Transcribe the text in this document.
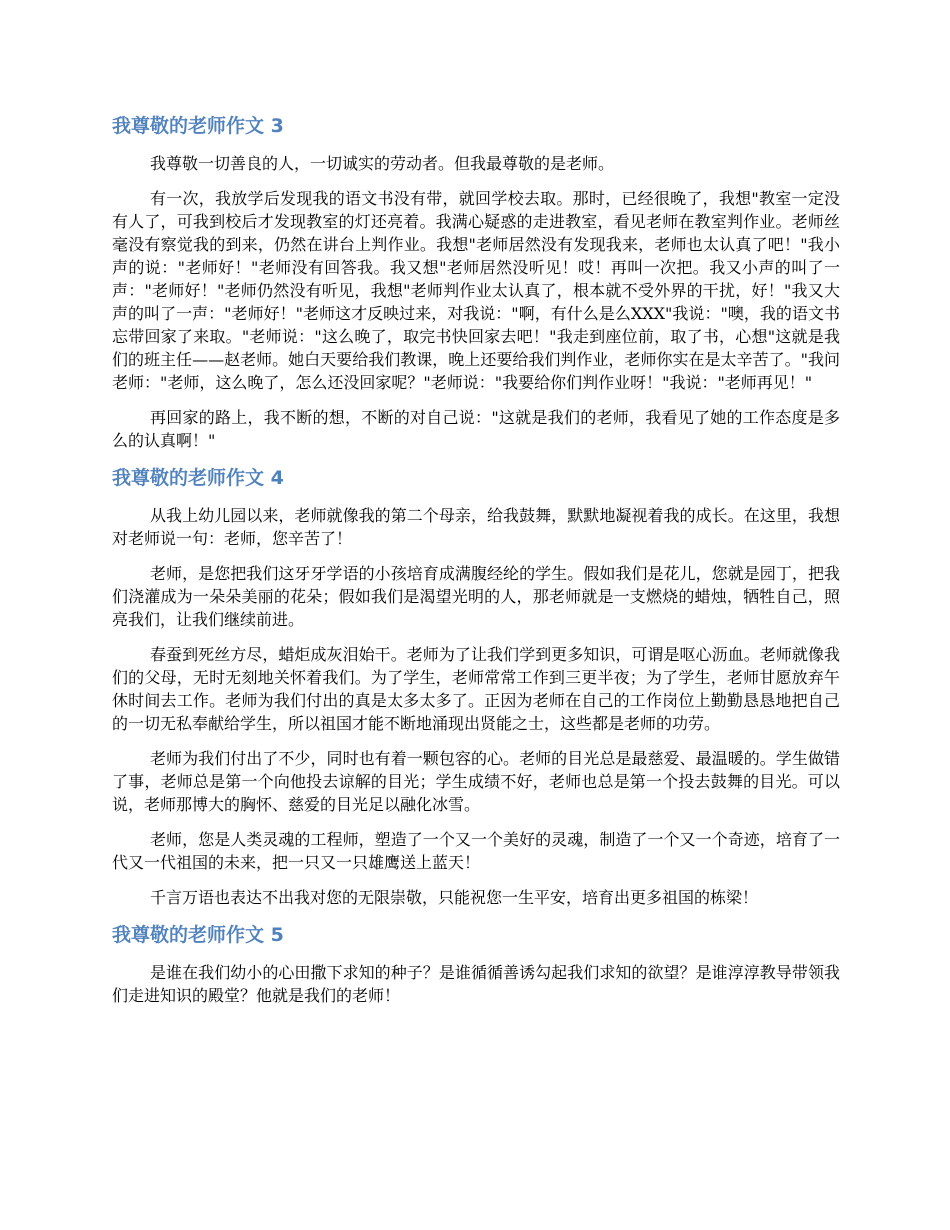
我尊敬的老师作文 3

我尊敬一切善良的人，一切诚实的劳动者。但我最尊敬的是老师。

有一次，我放学后发现我的语文书没有带，就回学校去取。那时，已经很晚了，我想"教室一定没有人了，可我到校后才发现教室的灯还亮着。我满心疑惑的走进教室，看见老师在教室判作业。老师丝毫没有察觉我的到来，仍然在讲台上判作业。我想"老师居然没有发现我来，老师也太认真了吧！"我小声的说："老师好！"老师没有回答我。我又想"老师居然没听见！哎！再叫一次把。我又小声的叫了一声："老师好！"老师仍然没有听见，我想"老师判作业太认真了，根本就不受外界的干扰，好！"我又大声的叫了一声："老师好！"老师这才反映过来，对我说："啊，有什么是么XXX"我说："噢，我的语文书忘带回家了来取。"老师说："这么晚了，取完书快回家去吧！"我走到座位前，取了书，心想"这就是我们的班主任——赵老师。她白天要给我们教课，晚上还要给我们判作业，老师你实在是太辛苦了。"我问老师："老师，这么晚了，怎么还没回家呢？"老师说："我要给你们判作业呀！"我说："老师再见！"

再回家的路上，我不断的想，不断的对自己说："这就是我们的老师，我看见了她的工作态度是多么的认真啊！"

我尊敬的老师作文 4

从我上幼儿园以来，老师就像我的第二个母亲，给我鼓舞，默默地凝视着我的成长。在这里，我想对老师说一句：老师，您辛苦了！

老师，是您把我们这牙牙学语的小孩培育成满腹经纶的学生。假如我们是花儿，您就是园丁，把我们浇灌成为一朵朵美丽的花朵；假如我们是渴望光明的人，那老师就是一支燃烧的蜡烛，牺牲自己，照亮我们，让我们继续前进。

春蚕到死丝方尽，蜡炬成灰泪始干。老师为了让我们学到更多知识，可谓是呕心沥血。老师就像我们的父母，无时无刻地关怀着我们。为了学生，老师常常工作到三更半夜；为了学生，老师甘愿放弃午休时间去工作。老师为我们付出的真是太多太多了。正因为老师在自己的工作岗位上勤勤恳恳地把自己的一切无私奉献给学生，所以祖国才能不断地涌现出贤能之士，这些都是老师的功劳。

老师为我们付出了不少，同时也有着一颗包容的心。老师的目光总是最慈爱、最温暖的。学生做错了事，老师总是第一个向他投去谅解的目光；学生成绩不好，老师也总是第一个投去鼓舞的目光。可以说，老师那博大的胸怀、慈爱的目光足以融化冰雪。

老师，您是人类灵魂的工程师，塑造了一个又一个美好的灵魂，制造了一个又一个奇迹，培育了一代又一代祖国的未来，把一只又一只雄鹰送上蓝天！

千言万语也表达不出我对您的无限崇敬，只能祝您一生平安，培育出更多祖国的栋梁！

我尊敬的老师作文 5

是谁在我们幼小的心田撒下求知的种子？是谁循循善诱勾起我们求知的欲望？是谁淳淳教导带领我们走进知识的殿堂？他就是我们的老师！
